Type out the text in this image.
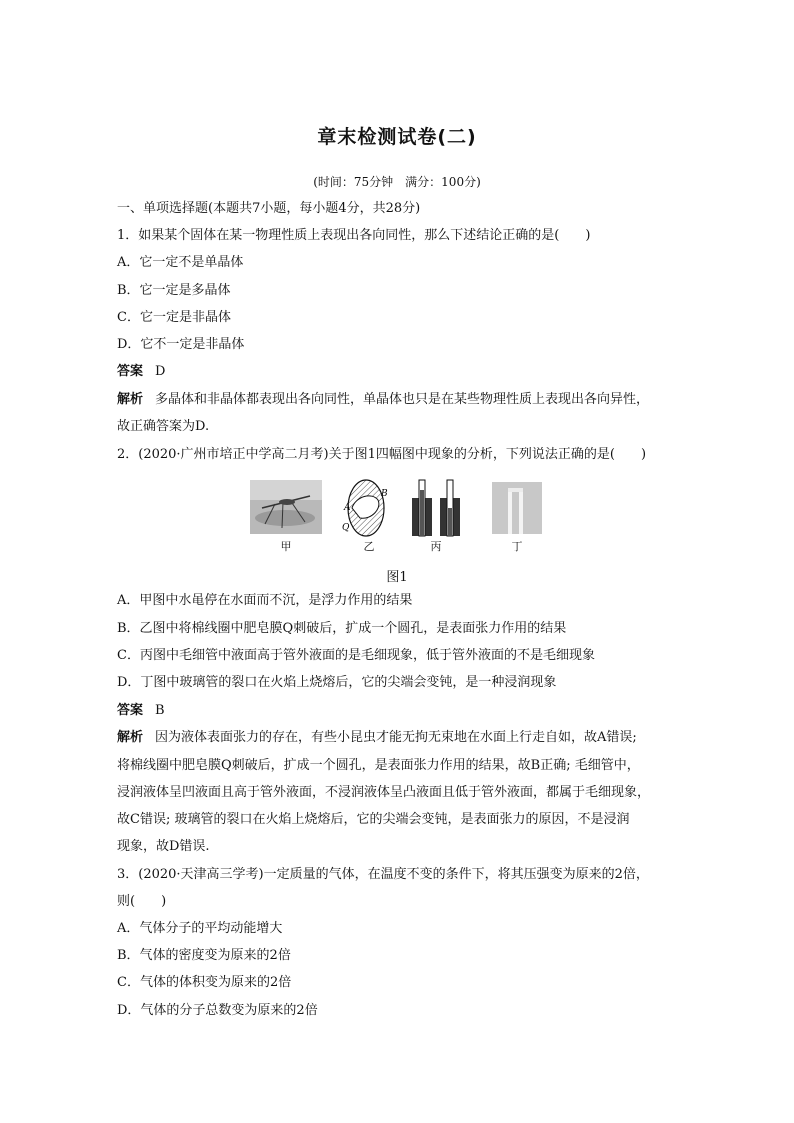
章末检测试卷(二)
(时间：75分钟　满分：100分)
一、单项选择题(本题共7小题，每小题4分，共28分)
1．如果某个固体在某一物理性质上表现出各向同性，那么下述结论正确的是(　　)
A．它一定不是单晶体
B．它一定是多晶体
C．它一定是非晶体
D．它不一定是非晶体
答案 D
解析 多晶体和非晶体都表现出各向同性，单晶体也只是在某些物理性质上表现出各向异性，
故正确答案为D.
2．(2020·广州市培正中学高二月考)关于图1四幅图中现象的分析，下列说法正确的是(　　)
B
A
Q
甲	乙	丙	丁
图1
A．甲图中水黾停在水面而不沉，是浮力作用的结果
B．乙图中将棉线圈中肥皂膜Q刺破后，扩成一个圆孔，是表面张力作用的结果
C．丙图中毛细管中液面高于管外液面的是毛细现象，低于管外液面的不是毛细现象
D．丁图中玻璃管的裂口在火焰上烧熔后，它的尖端会变钝，是一种浸润现象
答案 B
解析 因为液体表面张力的存在，有些小昆虫才能无拘无束地在水面上行走自如，故A错误;
将棉线圈中肥皂膜Q刺破后，扩成一个圆孔，是表面张力作用的结果，故B正确; 毛细管中，
浸润液体呈凹液面且高于管外液面，不浸润液体呈凸液面且低于管外液面，都属于毛细现象，
故C错误; 玻璃管的裂口在火焰上烧熔后，它的尖端会变钝，是表面张力的原因，不是浸润
现象，故D错误.
3．(2020·天津高三学考)一定质量的气体，在温度不变的条件下，将其压强变为原来的2倍，
则(　　)
A．气体分子的平均动能增大
B．气体的密度变为原来的2倍
C．气体的体积变为原来的2倍
D．气体的分子总数变为原来的2倍
